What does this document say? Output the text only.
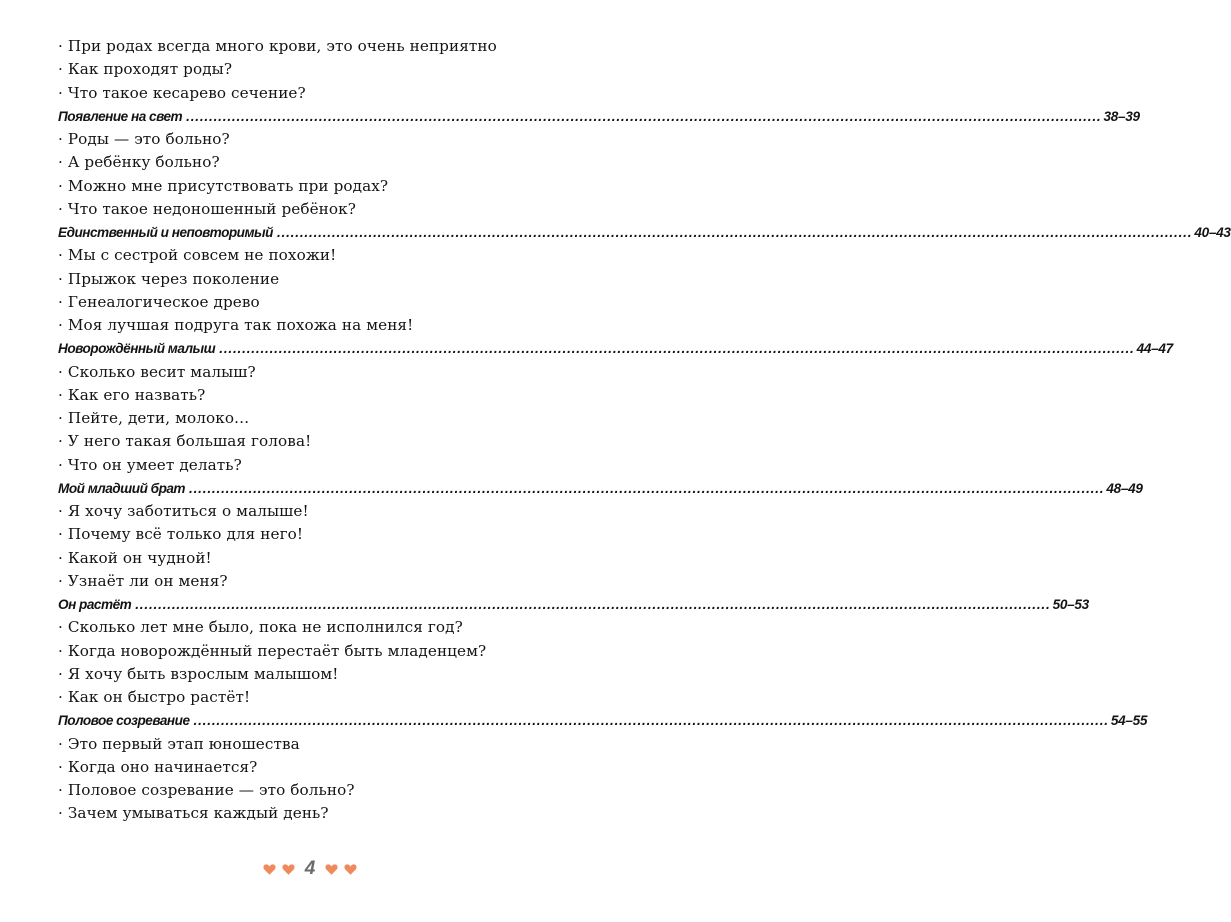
· При родах всегда много крови, это очень неприятно
· Как проходят роды?
· Что такое кесарево сечение?
Появление на свет ........................................................................................................................................................................................................ 38–39
· Роды — это больно?
· А ребёнку больно?
· Можно мне присутствовать при родах?
· Что такое недоношенный ребёнок?
Единственный и неповторимый ........................................................................................................................................................................................................ 40–43
· Мы с сестрой совсем не похожи!
· Прыжок через поколение
· Генеалогическое древо
· Моя лучшая подруга так похожа на меня!
Новорождённый малыш ........................................................................................................................................................................................................ 44–47
· Сколько весит малыш?
· Как его назвать?
· Пейте, дети, молоко…
· У него такая большая голова!
· Что он умеет делать?
Мой младший брат ........................................................................................................................................................................................................ 48–49
· Я хочу заботиться о малыше!
· Почему всё только для него!
· Какой он чудной!
· Узнаёт ли он меня?
Он растёт ........................................................................................................................................................................................................ 50–53
· Сколько лет мне было, пока не исполнился год?
· Когда новорождённый перестаёт быть младенцем?
· Я хочу быть взрослым малышом!
· Как он быстро растёт!
Половое созревание ........................................................................................................................................................................................................ 54–55
· Это первый этап юношества
· Когда оно начинается?
· Половое созревание — это больно?
· Зачем умываться каждый день?
4
